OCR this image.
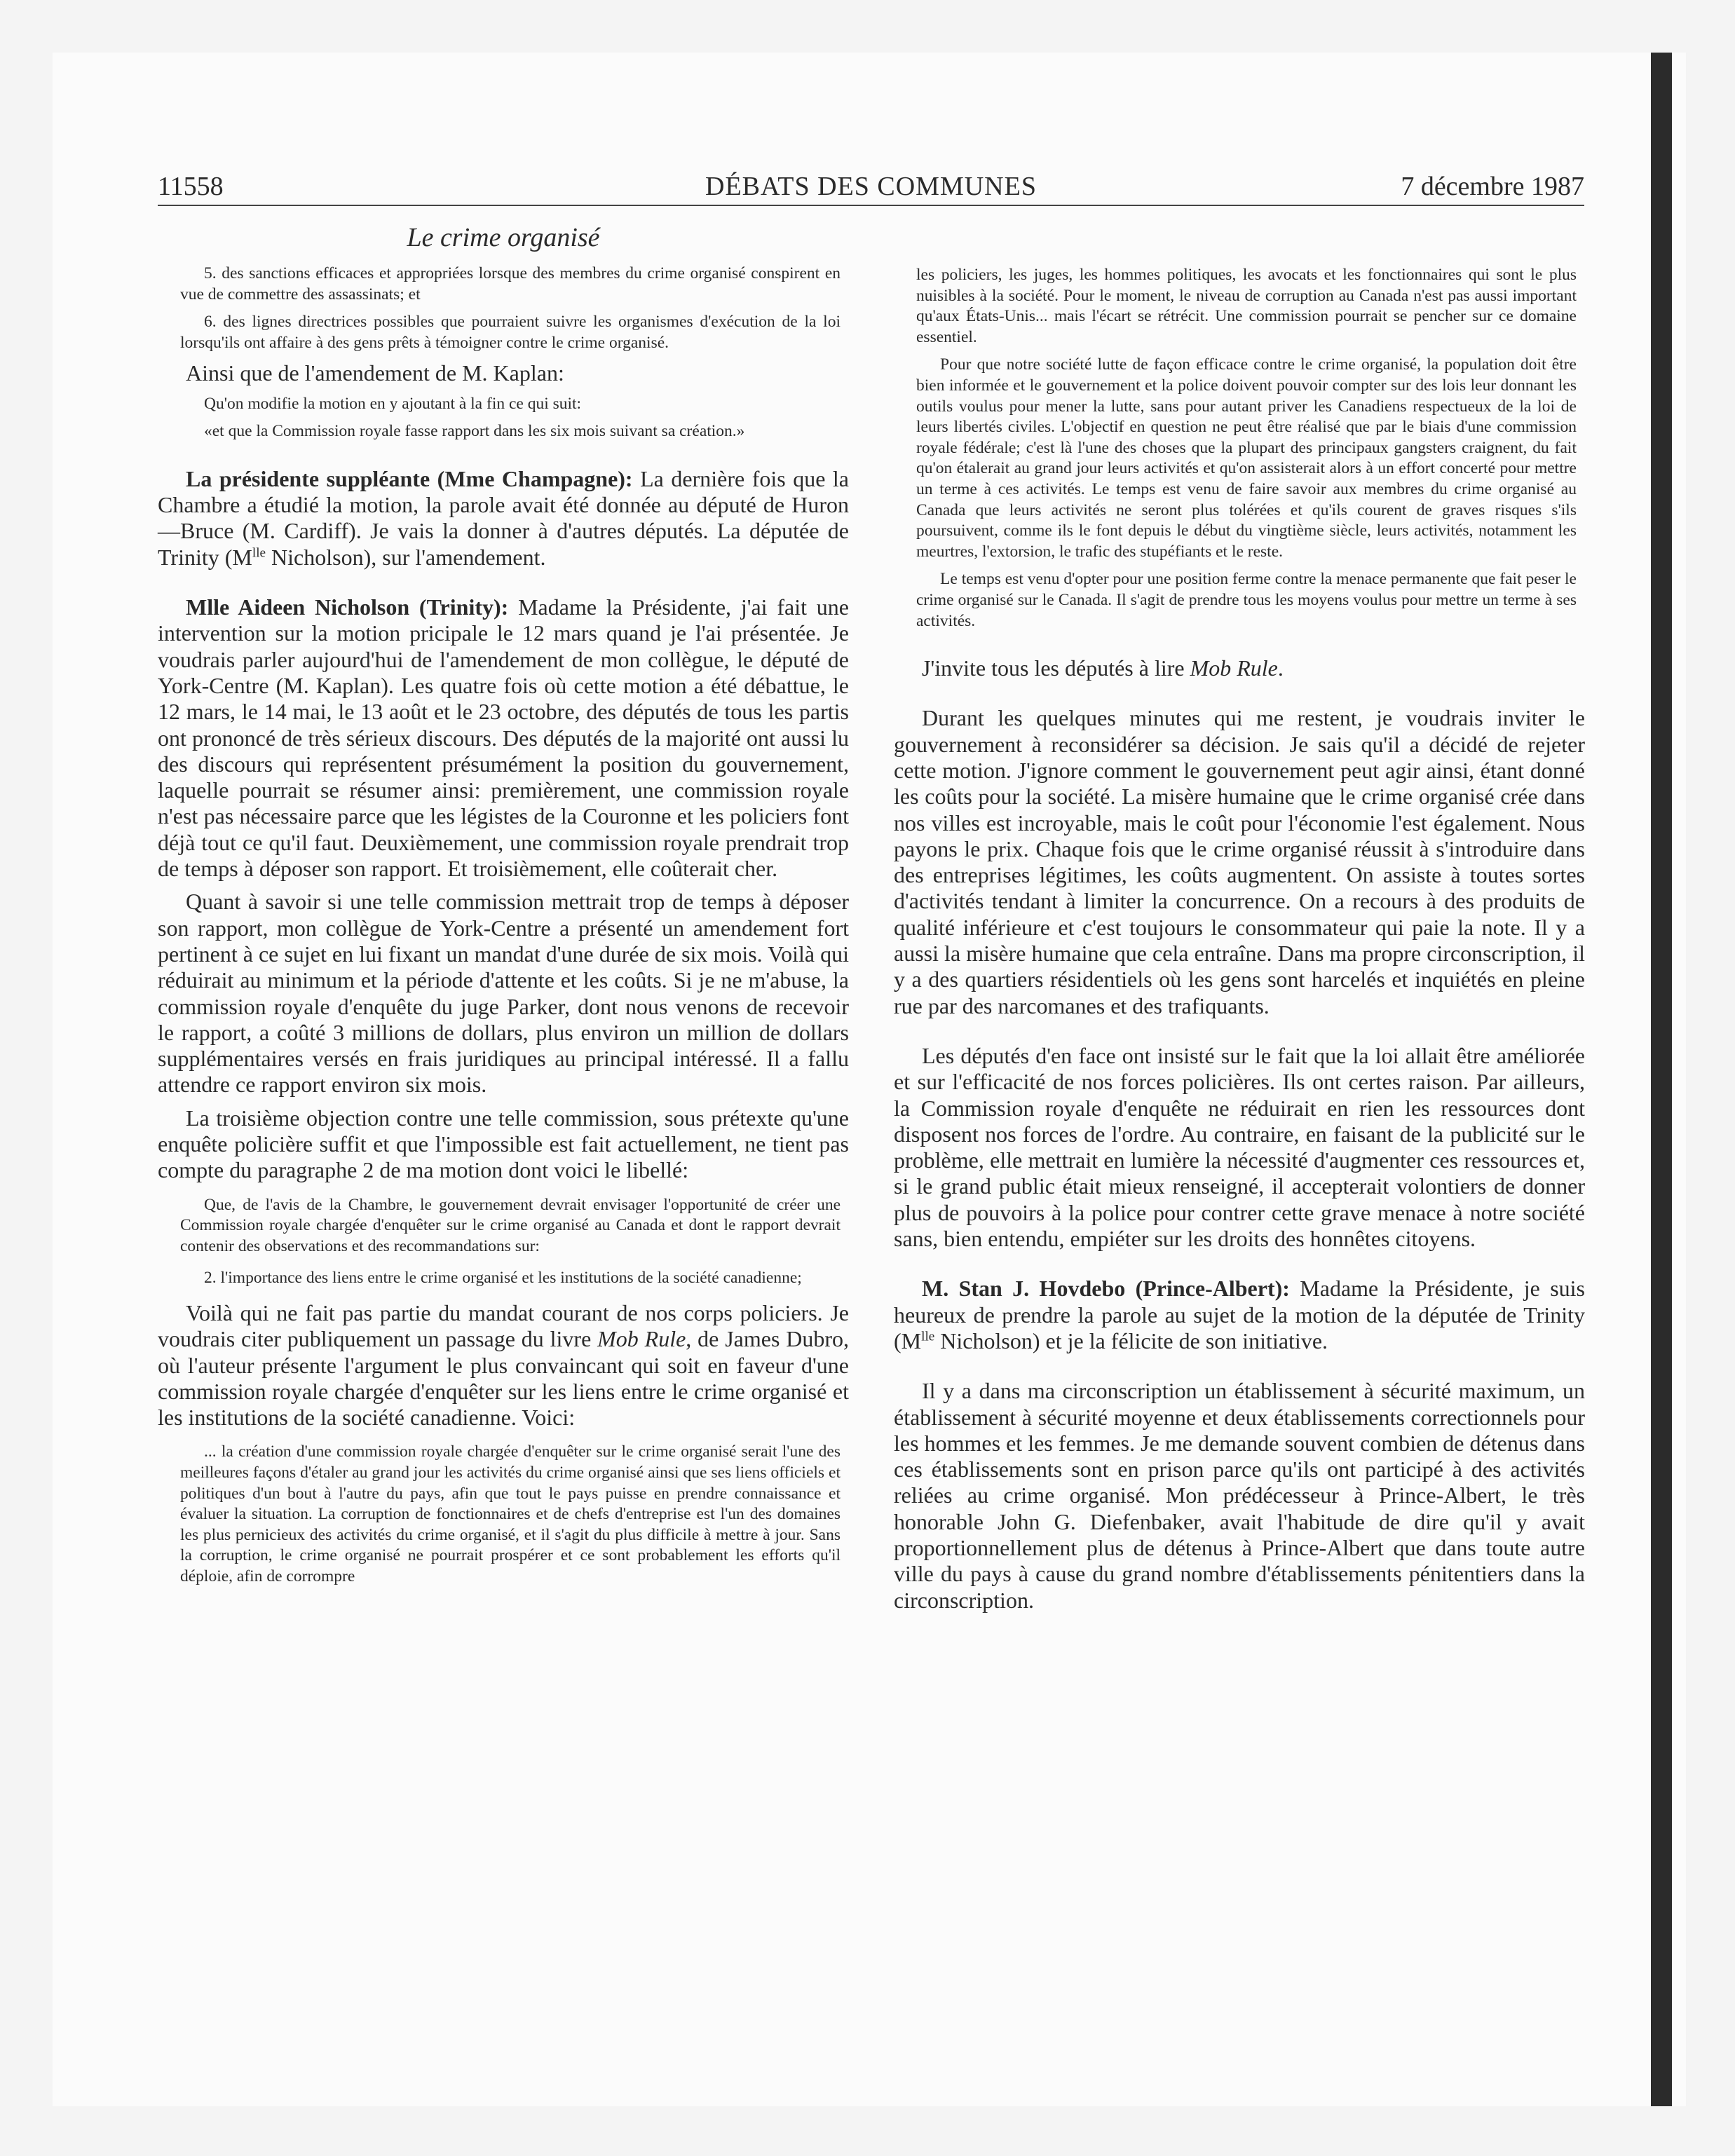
11558	DÉBATS DES COMMUNES	7 décembre 1987
Le crime organisé

5. des sanctions efficaces et appropriées lorsque des membres du crime organisé conspirent en vue de commettre des assassinats; et

6. des lignes directrices possibles que pourraient suivre les organismes d'exécution de la loi lorsqu'ils ont affaire à des gens prêts à témoigner contre le crime organisé.

Ainsi que de l'amendement de M. Kaplan:

Qu'on modifie la motion en y ajoutant à la fin ce qui suit:

«et que la Commission royale fasse rapport dans les six mois suivant sa création.»

La présidente suppléante (Mme Champagne): La dernière fois que la Chambre a étudié la motion, la parole avait été donnée au député de Huron—Bruce (M. Cardiff). Je vais la donner à d'autres députés. La députée de Trinity ($M^{lle}$ Nicholson), sur l'amendement.

Mlle Aideen Nicholson (Trinity): Madame la Présidente, j'ai fait une intervention sur la motion pricipale le 12 mars quand je l'ai présentée. Je voudrais parler aujourd'hui de l'amendement de mon collègue, le député de York-Centre (M. Kaplan). Les quatre fois où cette motion a été débattue, le 12 mars, le 14 mai, le 13 août et le 23 octobre, des députés de tous les partis ont prononcé de très sérieux discours. Des députés de la majorité ont aussi lu des discours qui représentent présumément la position du gouvernement, laquelle pourrait se résumer ainsi: premièrement, une commission royale n'est pas nécessaire parce que les légistes de la Couronne et les policiers font déjà tout ce qu'il faut. Deuxièmement, une commission royale prendrait trop de temps à déposer son rapport. Et troisièmement, elle coûterait cher.

Quant à savoir si une telle commission mettrait trop de temps à déposer son rapport, mon collègue de York-Centre a présenté un amendement fort pertinent à ce sujet en lui fixant un mandat d'une durée de six mois. Voilà qui réduirait au minimum et la période d'attente et les coûts. Si je ne m'abuse, la commission royale d'enquête du juge Parker, dont nous venons de recevoir le rapport, a coûté 3 millions de dollars, plus environ un million de dollars supplémentaires versés en frais juridiques au principal intéressé. Il a fallu attendre ce rapport environ six mois.

La troisième objection contre une telle commission, sous prétexte qu'une enquête policière suffit et que l'impossible est fait actuellement, ne tient pas compte du paragraphe 2 de ma motion dont voici le libellé:

Que, de l'avis de la Chambre, le gouvernement devrait envisager l'opportunité de créer une Commission royale chargée d'enquêter sur le crime organisé au Canada et dont le rapport devrait contenir des observations et des recommandations sur:

2. l'importance des liens entre le crime organisé et les institutions de la société canadienne;

Voilà qui ne fait pas partie du mandat courant de nos corps policiers. Je voudrais citer publiquement un passage du livre Mob Rule, de James Dubro, où l'auteur présente l'argument le plus convaincant qui soit en faveur d'une commission royale chargée d'enquêter sur les liens entre le crime organisé et les institutions de la société canadienne. Voici:

... la création d'une commission royale chargée d'enquêter sur le crime organisé serait l'une des meilleures façons d'étaler au grand jour les activités du crime organisé ainsi que ses liens officiels et politiques d'un bout à l'autre du pays, afin que tout le pays puisse en prendre connaissance et évaluer la situation. La corruption de fonctionnaires et de chefs d'entreprise est l'un des domaines les plus pernicieux des activités du crime organisé, et il s'agit du plus difficile à mettre à jour. Sans la corruption, le crime organisé ne pourrait prospérer et ce sont probablement les efforts qu'il déploie, afin de corrompre

les policiers, les juges, les hommes politiques, les avocats et les fonctionnaires qui sont le plus nuisibles à la société. Pour le moment, le niveau de corruption au Canada n'est pas aussi important qu'aux États-Unis... mais l'écart se rétrécit. Une commission pourrait se pencher sur ce domaine essentiel.

Pour que notre société lutte de façon efficace contre le crime organisé, la population doit être bien informée et le gouvernement et la police doivent pouvoir compter sur des lois leur donnant les outils voulus pour mener la lutte, sans pour autant priver les Canadiens respectueux de la loi de leurs libertés civiles. L'objectif en question ne peut être réalisé que par le biais d'une commission royale fédérale; c'est là l'une des choses que la plupart des principaux gangsters craignent, du fait qu'on étalerait au grand jour leurs activités et qu'on assisterait alors à un effort concerté pour mettre un terme à ces activités. Le temps est venu de faire savoir aux membres du crime organisé au Canada que leurs activités ne seront plus tolérées et qu'ils courent de graves risques s'ils poursuivent, comme ils le font depuis le début du vingtième siècle, leurs activités, notamment les meurtres, l'extorsion, le trafic des stupéfiants et le reste.

Le temps est venu d'opter pour une position ferme contre la menace permanente que fait peser le crime organisé sur le Canada. Il s'agit de prendre tous les moyens voulus pour mettre un terme à ses activités.

J'invite tous les députés à lire Mob Rule.

Durant les quelques minutes qui me restent, je voudrais inviter le gouvernement à reconsidérer sa décision. Je sais qu'il a décidé de rejeter cette motion. J'ignore comment le gouvernement peut agir ainsi, étant donné les coûts pour la société. La misère humaine que le crime organisé crée dans nos villes est incroyable, mais le coût pour l'économie l'est également. Nous payons le prix. Chaque fois que le crime organisé réussit à s'introduire dans des entreprises légitimes, les coûts augmentent. On assiste à toutes sortes d'activités tendant à limiter la concurrence. On a recours à des produits de qualité inférieure et c'est toujours le consommateur qui paie la note. Il y a aussi la misère humaine que cela entraîne. Dans ma propre circonscription, il y a des quartiers résidentiels où les gens sont harcelés et inquiétés en pleine rue par des narcomanes et des trafiquants.

Les députés d'en face ont insisté sur le fait que la loi allait être améliorée et sur l'efficacité de nos forces policières. Ils ont certes raison. Par ailleurs, la Commission royale d'enquête ne réduirait en rien les ressources dont disposent nos forces de l'ordre. Au contraire, en faisant de la publicité sur le problème, elle mettrait en lumière la nécessité d'augmenter ces ressources et, si le grand public était mieux renseigné, il accepterait volontiers de donner plus de pouvoirs à la police pour contrer cette grave menace à notre société sans, bien entendu, empiéter sur les droits des honnêtes citoyens.

M. Stan J. Hovdebo (Prince-Albert): Madame la Présidente, je suis heureux de prendre la parole au sujet de la motion de la députée de Trinity ($M^{lle}$ Nicholson) et je la félicite de son initiative.

Il y a dans ma circonscription un établissement à sécurité maximum, un établissement à sécurité moyenne et deux établissements correctionnels pour les hommes et les femmes. Je me demande souvent combien de détenus dans ces établissements sont en prison parce qu'ils ont participé à des activités reliées au crime organisé. Mon prédécesseur à Prince-Albert, le très honorable John G. Diefenbaker, avait l'habitude de dire qu'il y avait proportionnellement plus de détenus à Prince-Albert que dans toute autre ville du pays à cause du grand nombre d'établissements pénitentiers dans la circonscription.
